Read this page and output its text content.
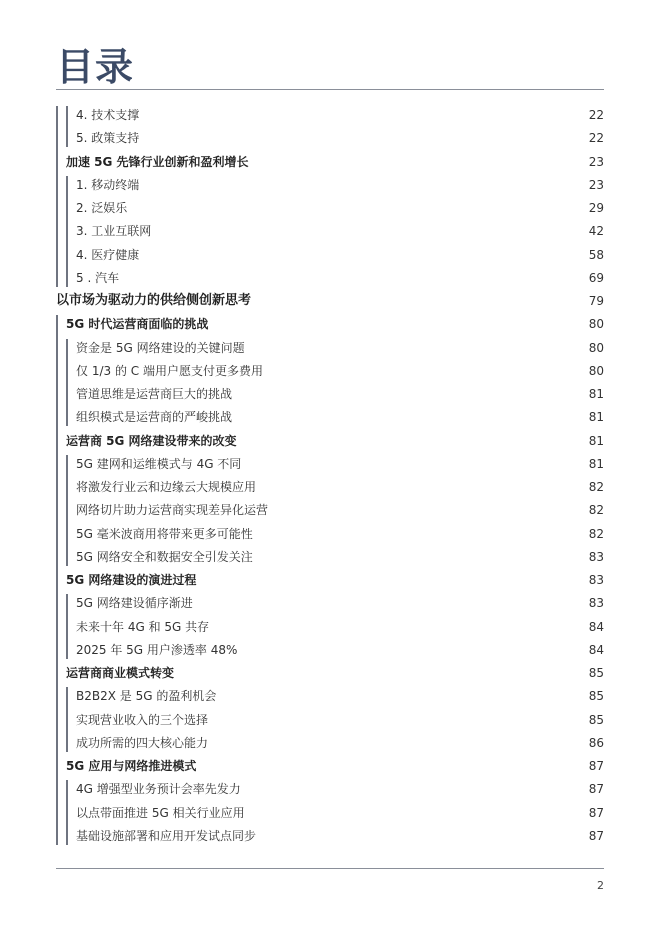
目录
4. 技术支撑	22
5. 政策支持	22
加速 5G 先锋行业创新和盈利增长	23
1. 移动终端	23
2. 泛娱乐	29
3. 工业互联网	42
4. 医疗健康	58
5 . 汽车	69
以市场为驱动力的供给侧创新思考	79
5G 时代运营商面临的挑战	80
资金是 5G 网络建设的关键问题	80
仅 1/3 的 C 端用户愿支付更多费用	80
管道思维是运营商巨大的挑战	81
组织模式是运营商的严峻挑战	81
运营商 5G 网络建设带来的改变	81
5G 建网和运维模式与 4G 不同	81
将激发行业云和边缘云大规模应用	82
网络切片助力运营商实现差异化运营	82
5G 毫米波商用将带来更多可能性	82
5G 网络安全和数据安全引发关注	83
5G 网络建设的演进过程	83
5G 网络建设循序渐进	83
未来十年 4G 和 5G 共存	84
2025 年 5G 用户渗透率 48%	84
运营商商业模式转变	85
B2B2X 是 5G 的盈利机会	85
实现营业收入的三个选择	85
成功所需的四大核心能力	86
5G 应用与网络推进模式	87
4G 增强型业务预计会率先发力	87
以点带面推进 5G 相关行业应用	87
基础设施部署和应用开发试点同步	87
2
